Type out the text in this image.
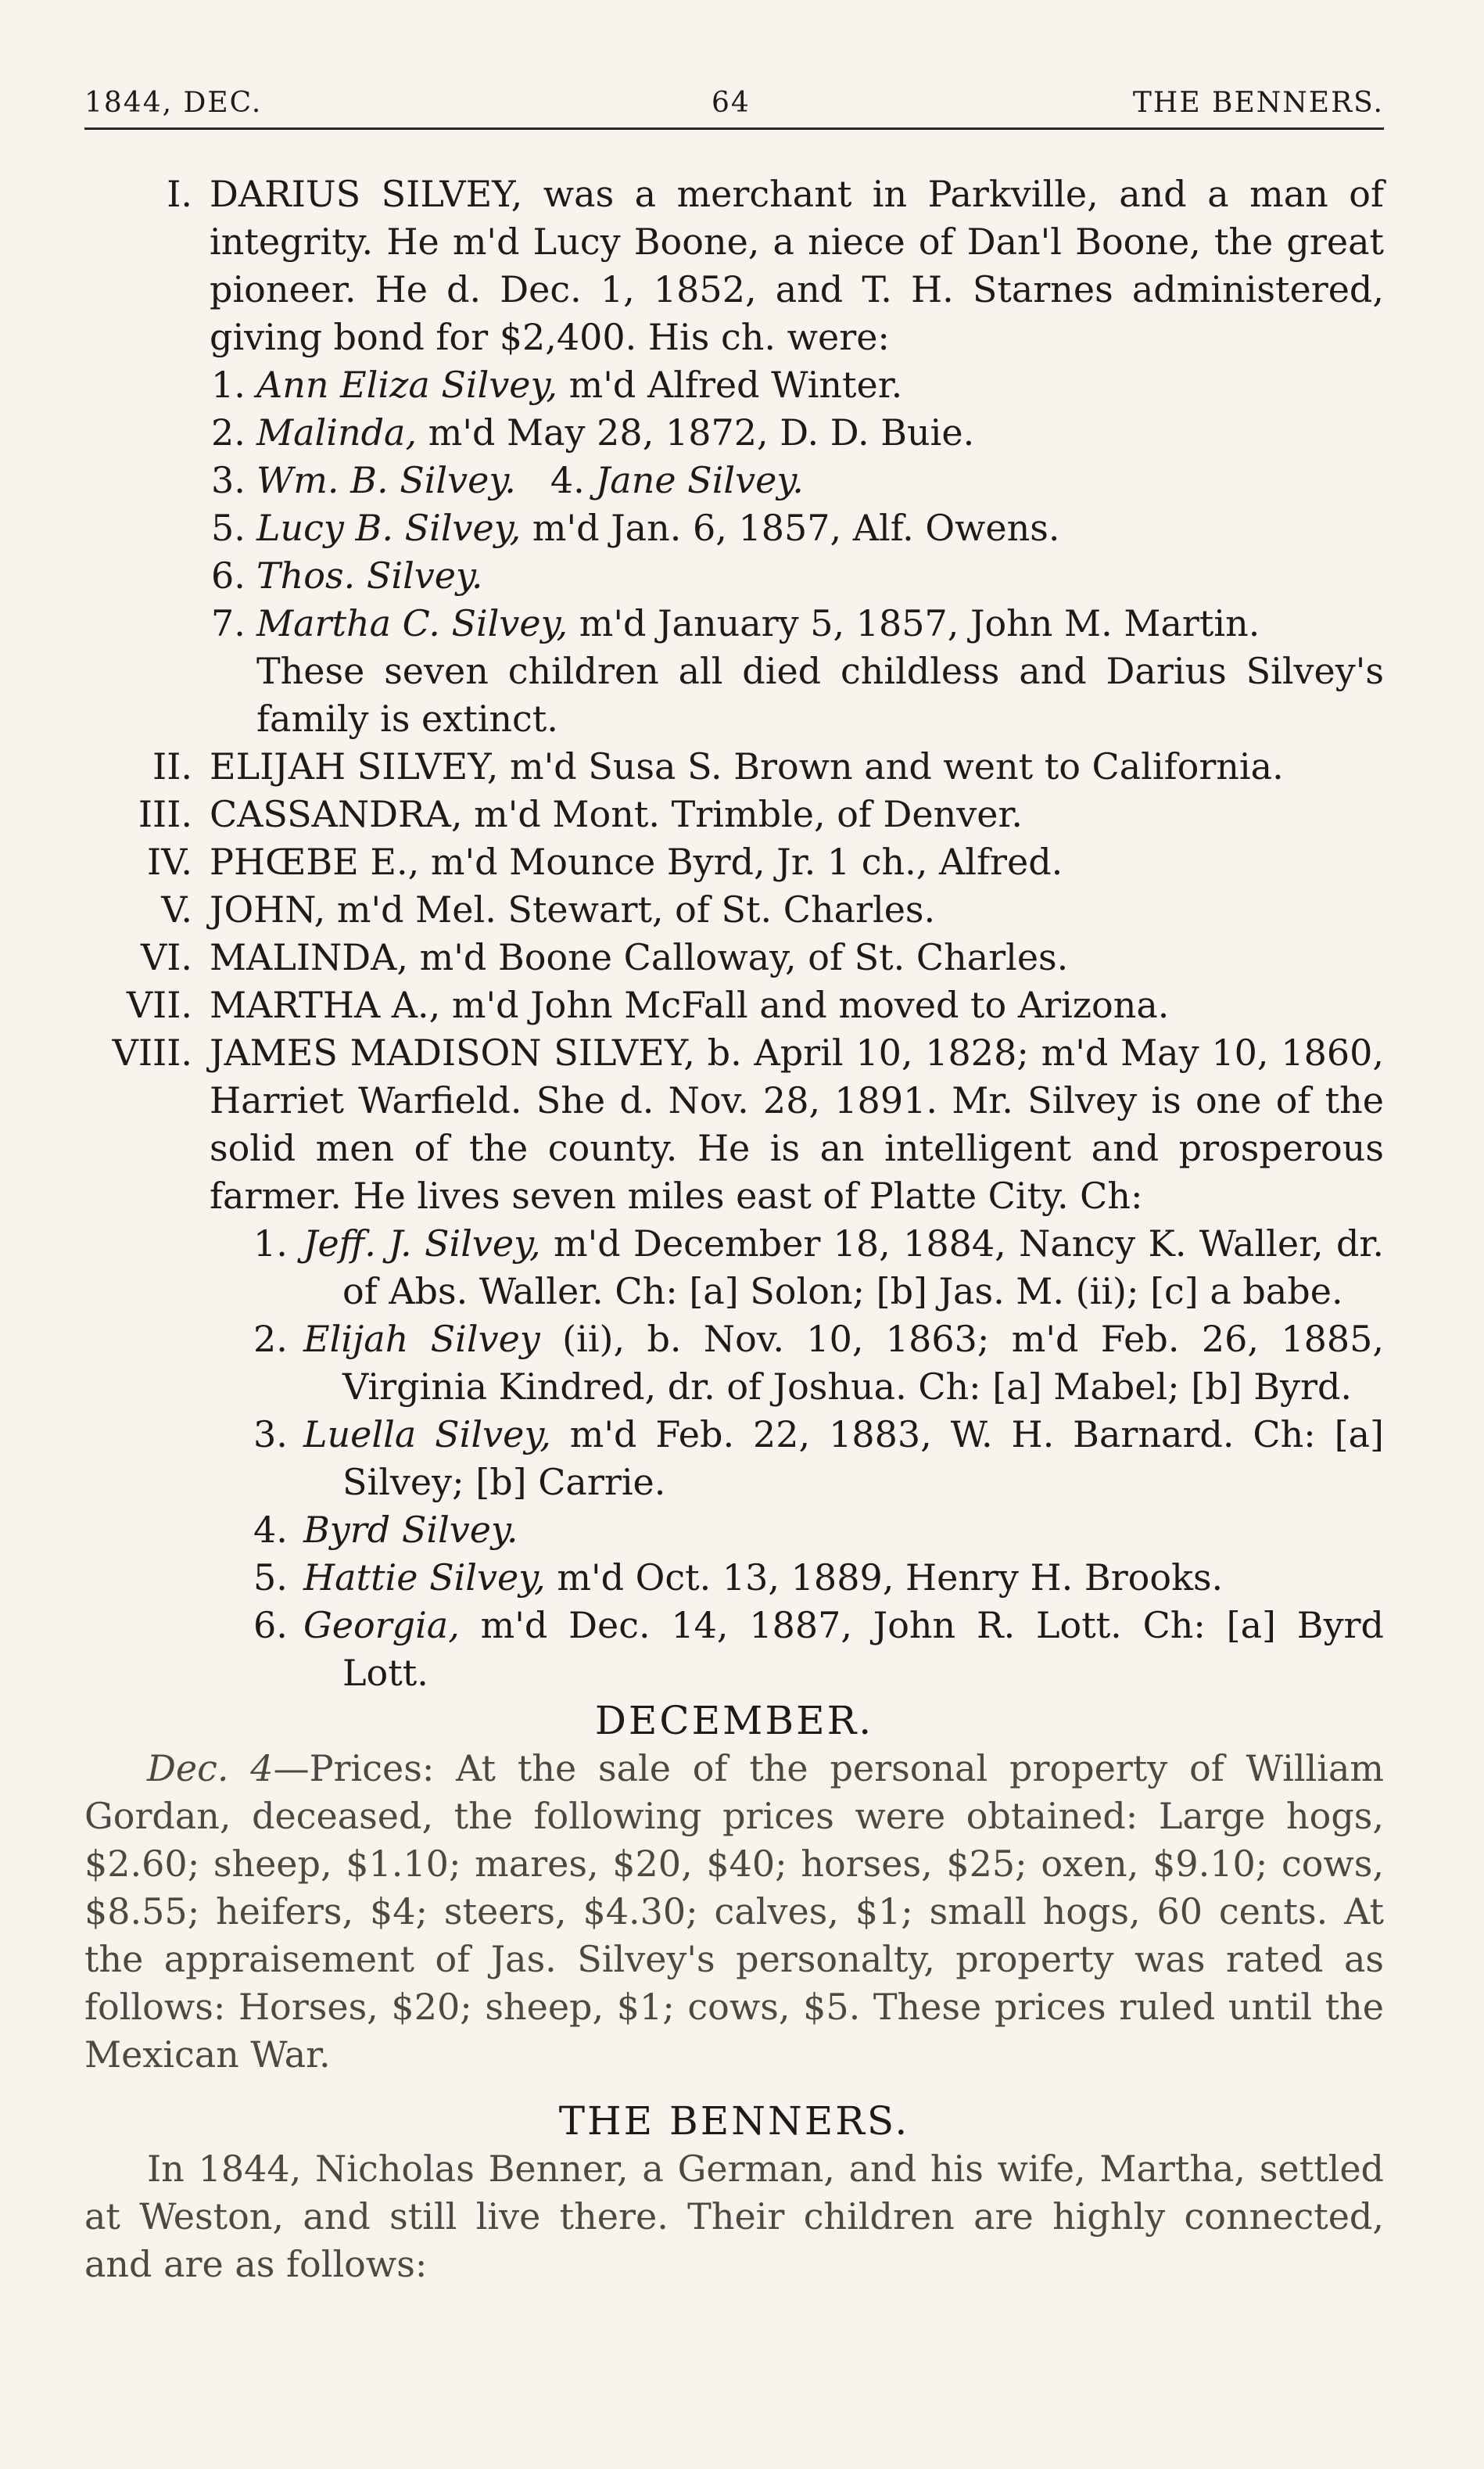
1844, DEC.	64	THE BENNERS.

I. DARIUS SILVEY, was a merchant in Parkville, and a man of integrity. He m'd Lucy Boone, a niece of Dan'l Boone, the great pioneer. He d. Dec. 1, 1852, and T. H. Starnes administered, giving bond for $2,400. His ch. were:

1. Ann Eliza Silvey, m'd Alfred Winter.

2. Malinda, m'd May 28, 1872, D. D. Buie.

3. Wm. B. Silvey. 4. Jane Silvey.

5. Lucy B. Silvey, m'd Jan. 6, 1857, Alf. Owens.

6. Thos. Silvey.

7. Martha C. Silvey, m'd January 5, 1857, John M. Martin.

These seven children all died childless and Darius Silvey's family is extinct.

II. ELIJAH SILVEY, m'd Susa S. Brown and went to California.

III. CASSANDRA, m'd Mont. Trimble, of Denver.

IV. PHŒBE E., m'd Mounce Byrd, Jr. 1 ch., Alfred.

V. JOHN, m'd Mel. Stewart, of St. Charles.

VI. MALINDA, m'd Boone Calloway, of St. Charles.

VII. MARTHA A., m'd John McFall and moved to Arizona.

VIII. JAMES MADISON SILVEY, b. April 10, 1828; m'd May 10, 1860, Harriet Warfield. She d. Nov. 28, 1891. Mr. Silvey is one of the solid men of the county. He is an intelligent and prosperous farmer. He lives seven miles east of Platte City. Ch:

1. Jeff. J. Silvey, m'd December 18, 1884, Nancy K. Waller, dr. of Abs. Waller. Ch: [a] Solon; [b] Jas. M. (ii); [c] a babe.

2. Elijah Silvey (ii), b. Nov. 10, 1863; m'd Feb. 26, 1885, Virginia Kindred, dr. of Joshua. Ch: [a] Mabel; [b] Byrd.

3. Luella Silvey, m'd Feb. 22, 1883, W. H. Barnard. Ch: [a] Silvey; [b] Carrie.

4. Byrd Silvey.

5. Hattie Silvey, m'd Oct. 13, 1889, Henry H. Brooks.

6. Georgia, m'd Dec. 14, 1887, John R. Lott. Ch: [a] Byrd Lott.

DECEMBER.

Dec. 4—Prices: At the sale of the personal property of William Gordan, deceased, the following prices were obtained: Large hogs, $2.60; sheep, $1.10; mares, $20, $40; horses, $25; oxen, $9.10; cows, $8.55; heifers, $4; steers, $4.30; calves, $1; small hogs, 60 cents. At the appraisement of Jas. Silvey's personalty, property was rated as follows: Horses, $20; sheep, $1; cows, $5. These prices ruled until the Mexican War.

THE BENNERS.

In 1844, Nicholas Benner, a German, and his wife, Martha, settled at Weston, and still live there. Their children are highly connected, and are as follows:
